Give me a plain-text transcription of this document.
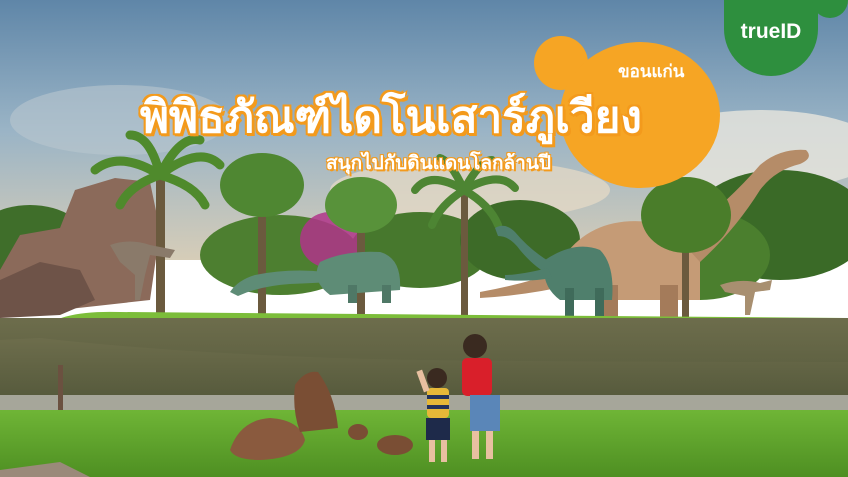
trueID
ขอนแก่น
พิพิธภัณฑ์ไดโนเสาร์ภูเวียง
สนุกไปกับดินแดนโลกล้านปี
